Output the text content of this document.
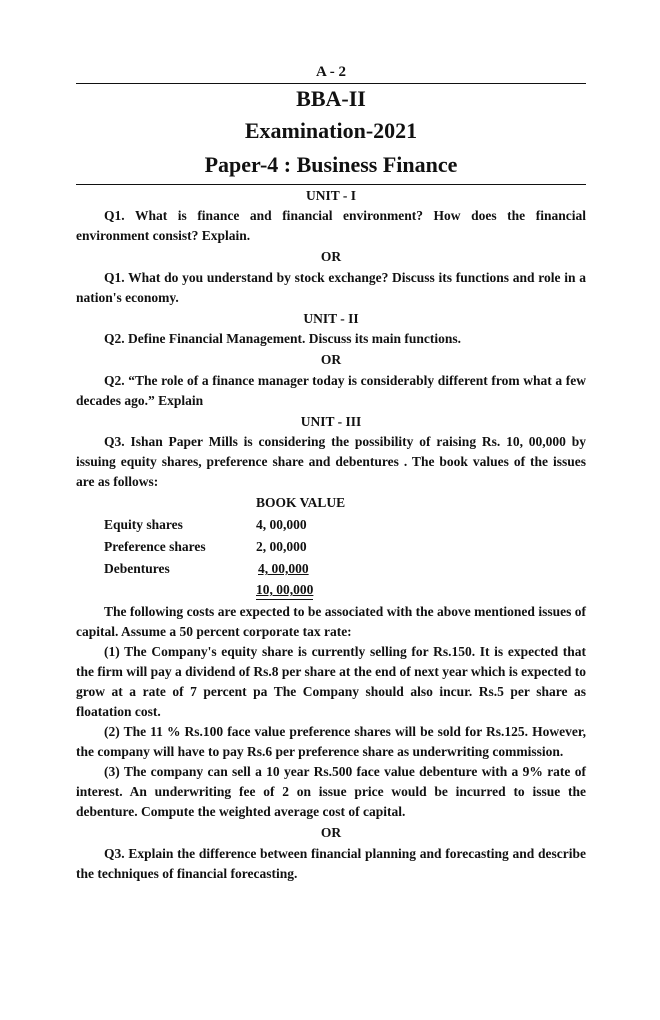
A - 2
BBA-II
Examination-2021
Paper-4 : Business Finance
UNIT - I

Q1. What is finance and financial environment? How does the financial environment consist? Explain.

OR

Q1. What do you understand by stock exchange? Discuss its functions and role in a nation's economy.

UNIT - II

Q2. Define Financial Management. Discuss its main functions.

OR

Q2. “The role of a finance manager today is considerably different from what a few decades ago.” Explain

UNIT - III

Q3. Ishan Paper Mills is considering the possibility of raising Rs. 10, 00,000 by issuing equity shares, preference share and debentures . The book values of the issues are as follows:

BOOK VALUE
Equity shares	4, 00,000
Preference shares	2, 00,000
Debentures	4, 00,000
	10, 00,000

The following costs are expected to be associated with the above mentioned issues of capital. Assume a 50 percent corporate tax rate:

(1) The Company's equity share is currently selling for Rs.150. It is expected that the firm will pay a dividend of Rs.8 per share at the end of next year which is expected to grow at a rate of 7 percent pa The Company should also incur. Rs.5 per share as floatation cost.

(2) The 11 % Rs.100 face value preference shares will be sold for Rs.125. However, the company will have to pay Rs.6 per preference share as underwriting commission.

(3) The company can sell a 10 year Rs.500 face value debenture with a 9% rate of interest. An underwriting fee of 2 on issue price would be incurred to issue the debenture. Compute the weighted average cost of capital.

OR

Q3. Explain the difference between financial planning and forecasting and describe the techniques of financial forecasting.
